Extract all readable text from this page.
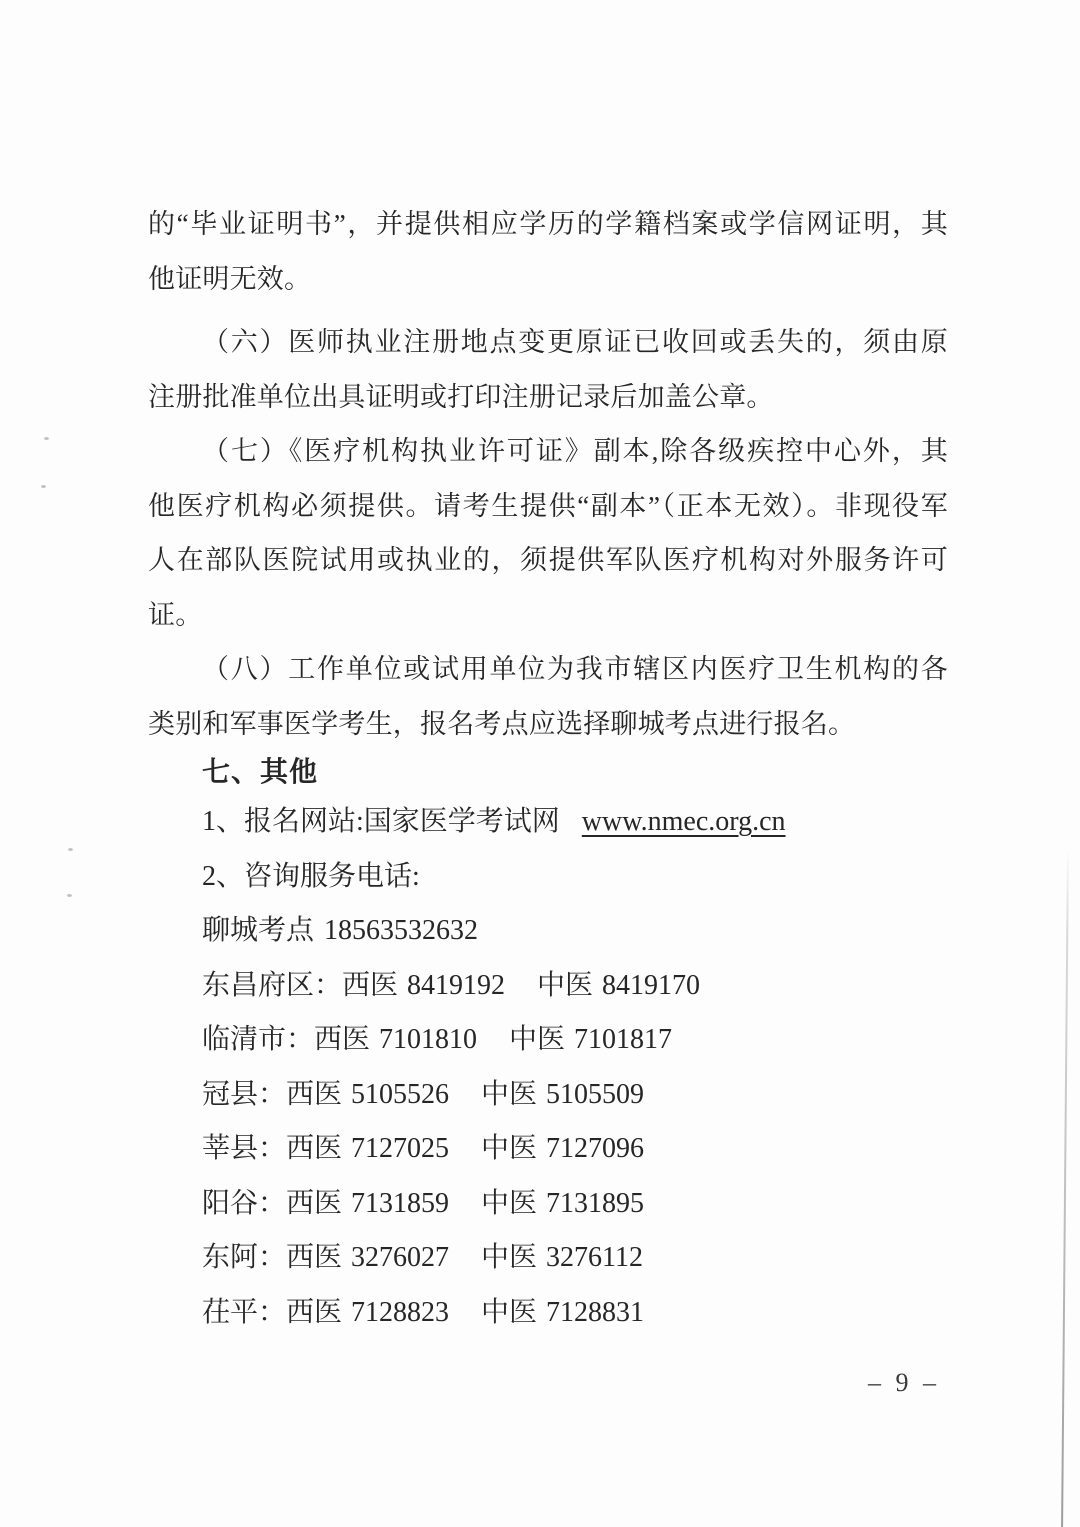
的“毕业证明书”，并提供相应学历的学籍档案或学信网证明，其
他证明无效。
（六）医师执业注册地点变更原证已收回或丢失的，须由原
注册批准单位出具证明或打印注册记录后加盖公章。
（七）《医疗机构执业许可证》副本,除各级疾控中心外，其
他医疗机构必须提供。请考生提供“副本”（正本无效）。非现役军
人在部队医院试用或执业的，须提供军队医疗机构对外服务许可
证。
（八）工作单位或试用单位为我市辖区内医疗卫生机构的各
类别和军事医学考生，报名考点应选择聊城考点进行报名。
七、其他
1、报名网站:国家医学考试网 www.nmec.org.cn
2、咨询服务电话:
聊城考点 18563532632
东昌府区：西医 8419192 中医 8419170
临清市：西医 7101810 中医 7101817
冠县：西医 5105526 中医 5105509
莘县：西医 7127025 中医 7127096
阳谷：西医 7131859 中医 7131895
东阿：西医 3276027 中医 3276112
茌平：西医 7128823 中医 7128831
– 9 –
